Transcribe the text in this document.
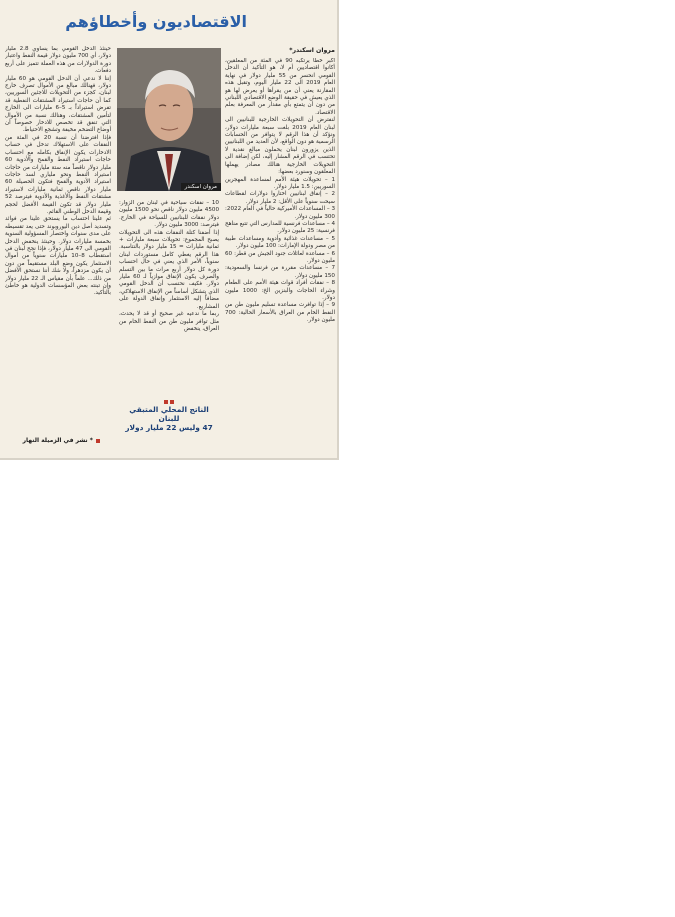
الاقتصاديون وأخطاؤهم
مروان اسكندر*

أكبر خطأ يرتكبه 90 في المئة من المعلقين، أكانوا اقتصاديين أم لا، هو التأكيد أن الدخل القومي انحسر من 55 مليار دولار في نهاية العام 2019 الى 22 مليار اليوم، وتقبل هذه المقارنة يعني أن من يقرأها أو يعرض لها هو الذي يعيش في حقيقة الوضع الاقتصادي اللبناني من دون أن يتمتع بأي مقدار من المعرفة بعلم الاقتصاد.

لنفترض أن التحويلات الخارجية للبنانيين الى لبنان العام 2019 بلغت سبعة مليارات دولار، ونؤكد أن هذا الرقم لا يتوافر من الحسابات الرسمية هو دون الواقع، لأن العديد من اللبنانيين الذين يزورون لبنان يحملون مبالغ نقدية لا تحتسب في الرقم المشار إليه، لكن إضافة الى التحويلات الخارجية هنالك مصادر يهملها المعلقون وسنورد بعضها:

1 – تحويلات هيئة الأمم لمساعدة المهجرين السوريين: 1.5 مليار دولار.

2 – إنفاق لبنانيين اختاروا دولارات لقطاعات سيحت سنوياً على الأقل: 2 مليار دولار.

3 – المساعدات الأميركية حالياً في العام 2022: 300 مليون دولار.

4 – مساعدات فرنسية للمدارس التي تتبع مناهج فرنسية: 25 مليون دولار.

5 – مساعدات غذائية وأدوية ومساعدات طبية من مصر ودولة الإمارات: 100 مليون دولار.

6 – مساعدة لعائلات جنود الجيش من قطر: 60 مليون دولار.

7 – مساعدات مقررة من فرنسا والسعودية: 150 مليون دولار.

8 – نفقات أفراد قوات هيئة الأمم على الطعام وشراء الحاجات والبنزين الخ: 1000 مليون دولار.

9 – إذا توافرت مساعدة تسليم مليون طن من النفط الخام من العراق بالأسعار الحالية: 700 مليون دولار.

مروان اسكندر

10 – نفقات سياحية في لبنان من الزوار: 4500 مليون دولار ناقص نحو 1500 مليون دولار نفقات للبنانيين للسياحة في الخارج. فيترصد: 3000 مليون دولار.

إذا أضفنا كتلة النفقات هذه الى التحويلات يصبح المجموع: تحويلات سبعة مليارات + ثمانية مليارات = 15 مليار دولار بالنتاسبة. هذا الرقم يغطي كامل مستوردات لبنان سنوياً، الأمر الذي يعني في حال احتساب دورة كل دولار أربع مرات ما بين التسلم والصرف يكون الإنفاق موازياً لـ 60 مليار دولار. فكيف نحتسب أن الدخل القومي الذي يتشكل أساساً من الإنفاق الاستهلاكي، مضافاً إليه الاستثمار وإنفاق الدولة على المشاريع.

ربما ما ندعيه غير صحيح أو قد لا يحدث، مثل توافر مليون طن من النفط الخام من العراق، ينخفض

الناتج المحلي المتبقي للبنان
47 وليس 22 مليار دولار

حينئذ الدخل القومي بما يساوي 2.8 مليار دولار، أي 700 مليون دولار قيمة النفط واعتبار دورة الدولارات من هذه العملة تتميز على أربع دفعات.

إننا لا ندعي أن الدخل القومي هو 60 مليار دولار، فهنالك مبالغ من الأموال تصرف خارج لبنان، كجزء من التحويلات للاجئين السوريين، كما أن حاجات استيراد المشتقات النفطية قد تفرض استيراداً بـ 5–6 مليارات الى الخارج لتأمين المشتقات، وهنالك نسبة من الأموال التي تنفق قد تخصص للادخار خصوصاً أن أوضاع التضخم مخيفة وتشجع الاحتياط.

فإذا افترضنا أن نسبة 20 في المئة من النفقات على الاستهلاك تدخل في حساب الادخارات يكون الإنفاق بكامله مع احتساب حاجات استيراد النفط والقمح والأدوية 60 مليار دولار ناقصاً منه ستة مليارات من حاجات استيراد النفط ونحو ملياري لسد حاجات استيراد الأدوية والقمح فتكون الحصيلة 60 مليار دولار ناقص ثمانية مليارات لاستيراد مشتقات النفط والأغذية والأدوية فيترصد 52 مليار دولار قد تكون القيمة الأفضل لحجم وقيمة الدخل الوطني القائم.

ثم علينا احتساب ما يستحق علينا من فوائد وتسديد أصل دين اليوروبوند حتى يعد تقسيطه على مدى سنوات واختصار المسؤولية السنوية بخمسة مليارات دولار. وحينئذ ينخفض الدخل القومي الى 47 مليار دولار، فإذا نجح لبنان في استقطاب 8–10 مليارات سنوياً من أموال الاستثمار يكون وضع البلد مستقيماً من دون أن يكون مزدهراً، ولا شك أننا نستحق الأفضل من ذلك... علماً بأن مقياس الـ 22 مليار دولار وإن تبنته بعض المؤسسات الدولية هو خاطئ بالتأكيد.

* نشر في الزميلة النهار
